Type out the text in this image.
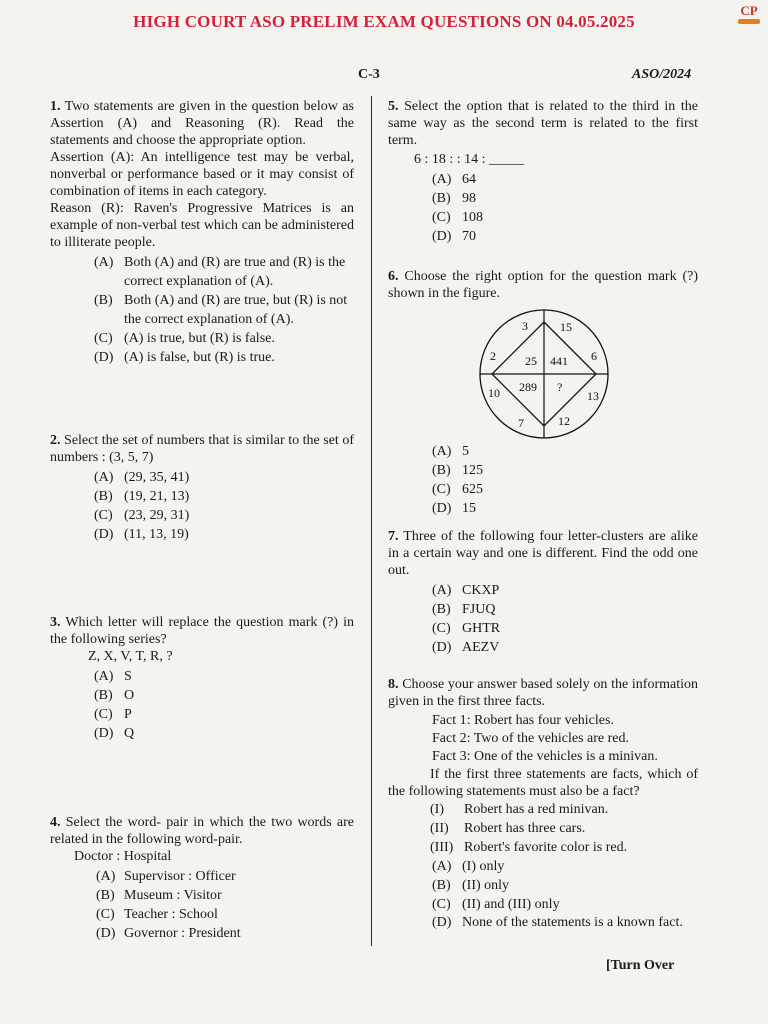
HIGH COURT ASO PRELIM EXAM QUESTIONS ON 04.05.2025
CP
C-3	ASO/2024

1. Two statements are given in the question below as Assertion (A) and Reasoning (R). Read the statements and choose the appropriate option.

Assertion (A): An intelligence test may be verbal, nonverbal or performance based or it may consist of combination of items in each category.

Reason (R): Raven's Progressive Matrices is an example of non-verbal test which can be administered to illiterate people.

(A) Both (A) and (R) are true and (R) is the correct explanation of (A).
(B) Both (A) and (R) are true, but (R) is not the correct explanation of (A).
(C) (A) is true, but (R) is false.
(D) (A) is false, but (R) is true.

2. Select the set of numbers that is similar to the set of numbers : (3, 5, 7)

(A) (29, 35, 41)
(B) (19, 21, 13)
(C) (23, 29, 31)
(D) (11, 13, 19)

3. Which letter will replace the question mark (?) in the following series?

Z, X, V, T, R, ?

(A) S
(B) O
(C) P
(D) Q

4. Select the word- pair in which the two words are related in the following word-pair.

Doctor : Hospital

(A) Supervisor : Officer
(B) Museum : Visitor
(C) Teacher : School
(D) Governor : President

5. Select the option that is related to the third in the same way as the second term is related to the first term.

6 : 18 : : 14 : _____

(A) 64
(B) 98
(C) 108
(D) 70

6. Choose the right option for the question mark (?) shown in the figure.

3	15
2	6
10	13
7	12
25 441
289 ?
(A) 5
(B) 125
(C) 625
(D) 15

7. Three of the following four letter-clusters are alike in a certain way and one is different. Find the odd one out.

(A) CKXP
(B) FJUQ
(C) GHTR
(D) AEZV

8. Choose your answer based solely on the information given in the first three facts.

Fact 1: Robert has four vehicles.
Fact 2: Two of the vehicles are red.
Fact 3: One of the vehicles is a minivan.

If the first three statements are facts, which of the following statements must also be a fact?

(I)	Robert has a red minivan.
(II)	Robert has three cars.
(III) Robert's favorite color is red.
(A) (I) only
(B) (II) only
(C) (II) and (III) only
(D) None of the statements is a known fact.
[Turn Over
